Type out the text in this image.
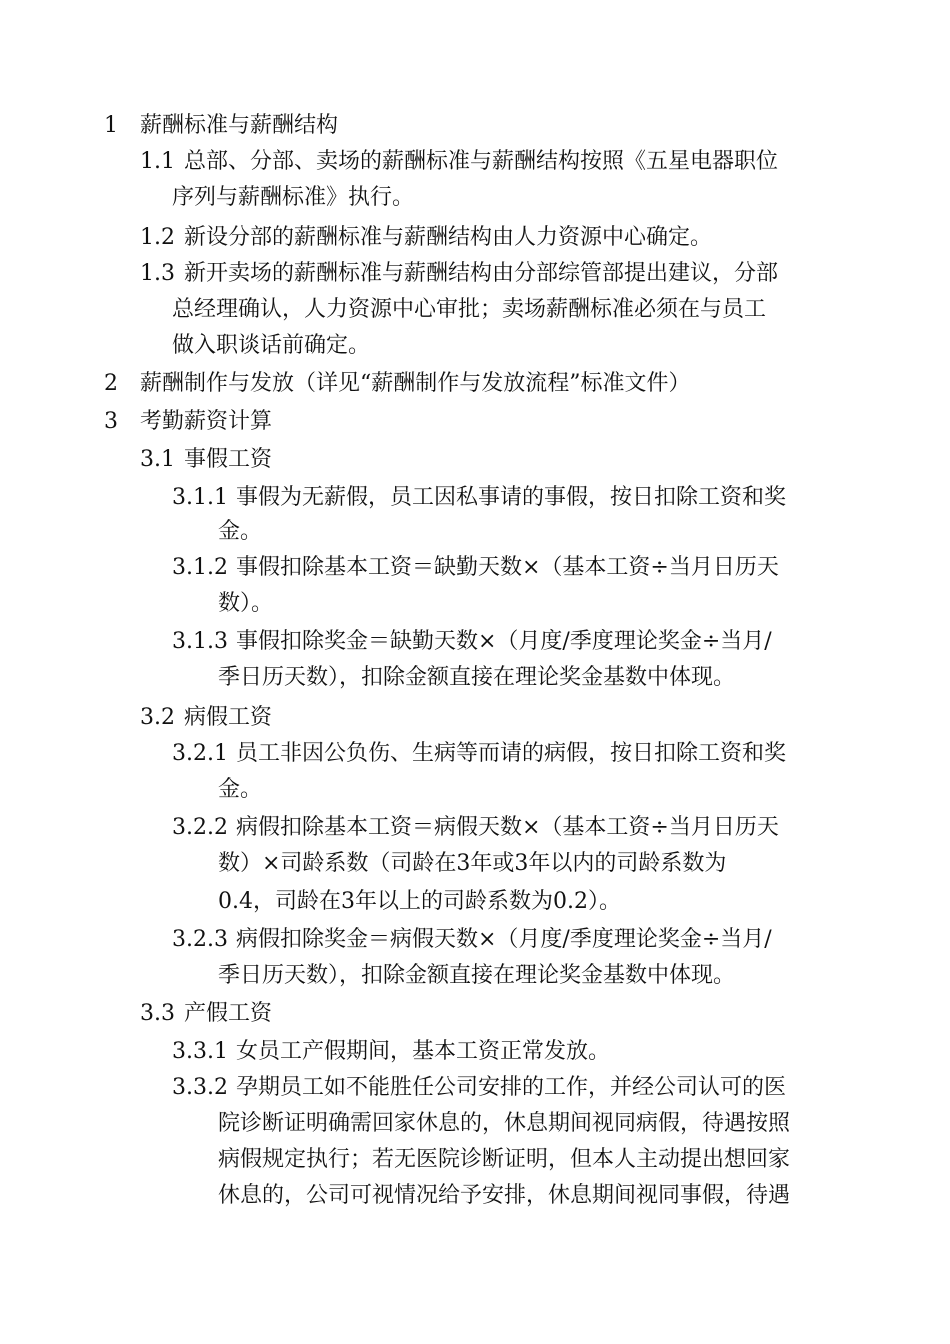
1 薪酬标准与薪酬结构
1.1 总部、分部、卖场的薪酬标准与薪酬结构按照《五星电器职位
序列与薪酬标准》执行。
1.2 新设分部的薪酬标准与薪酬结构由人力资源中心确定。
1.3 新开卖场的薪酬标准与薪酬结构由分部综管部提出建议，分部
总经理确认，人力资源中心审批；卖场薪酬标准必须在与员工
做入职谈话前确定。
2 薪酬制作与发放（详见“薪酬制作与发放流程”标准文件）
3 考勤薪资计算
3.1 事假工资
3.1.1 事假为无薪假，员工因私事请的事假，按日扣除工资和奖
金。
3.1.2 事假扣除基本工资＝缺勤天数×（基本工资÷当月日历天
数）。
3.1.3 事假扣除奖金＝缺勤天数×（月度/季度理论奖金÷当月/
季日历天数），扣除金额直接在理论奖金基数中体现。
3.2 病假工资
3.2.1 员工非因公负伤、生病等而请的病假，按日扣除工资和奖
金。
3.2.2 病假扣除基本工资＝病假天数×（基本工资÷当月日历天
数）×司龄系数（司龄在3年或3年以内的司龄系数为
0.4，司龄在3年以上的司龄系数为0.2）。
3.2.3 病假扣除奖金＝病假天数×（月度/季度理论奖金÷当月/
季日历天数），扣除金额直接在理论奖金基数中体现。
3.3 产假工资
3.3.1 女员工产假期间，基本工资正常发放。
3.3.2 孕期员工如不能胜任公司安排的工作，并经公司认可的医
院诊断证明确需回家休息的，休息期间视同病假，待遇按照
病假规定执行；若无医院诊断证明，但本人主动提出想回家
休息的，公司可视情况给予安排，休息期间视同事假，待遇
